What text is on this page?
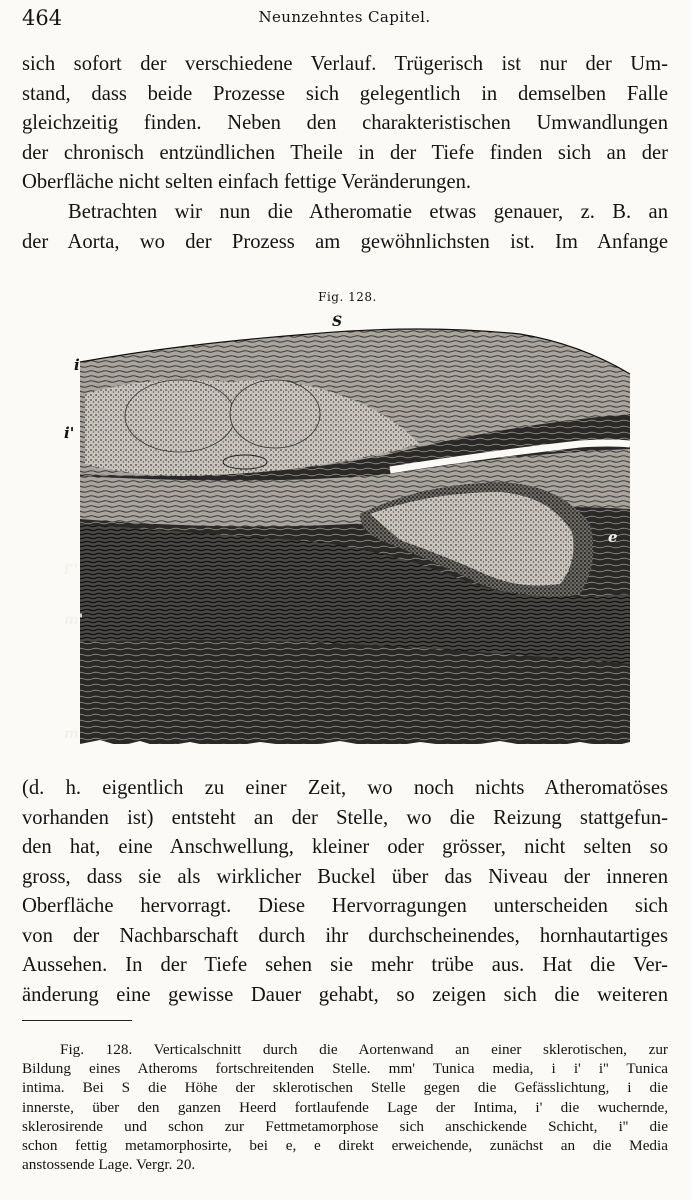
464	Neunzehntes Capitel.

sich sofort der verschiedene Verlauf. Trügerisch ist nur der Um-
stand, dass beide Prozesse sich gelegentlich in demselben Falle
gleichzeitig finden. Neben den charakteristischen Umwandlungen
der chronisch entzündlichen Theile in der Tiefe finden sich an der
Oberfläche nicht selten einfach fettige Veränderungen.

Betrachten wir nun die Atheromatie etwas genauer, z. B. an
der Aorta, wo der Prozess am gewöhnlichsten ist. Im Anfange

Fig. 128.
S
i
i'
e
i''
m'
m

(d. h. eigentlich zu einer Zeit, wo noch nichts Atheromatöses
vorhanden ist) entsteht an der Stelle, wo die Reizung stattgefun-
den hat, eine Anschwellung, kleiner oder grösser, nicht selten so
gross, dass sie als wirklicher Buckel über das Niveau der inneren
Oberfläche hervorragt. Diese Hervorragungen unterscheiden sich
von der Nachbarschaft durch ihr durchscheinendes, hornhautartiges
Aussehen. In der Tiefe sehen sie mehr trübe aus. Hat die Ver-
änderung eine gewisse Dauer gehabt, so zeigen sich die weiteren

Fig. 128. Verticalschnitt durch die Aortenwand an einer sklerotischen, zur
Bildung eines Atheroms fortschreitenden Stelle. mm' Tunica media, i i' i'' Tunica
intima. Bei S die Höhe der sklerotischen Stelle gegen die Gefässlichtung, i die
innerste, über den ganzen Heerd fortlaufende Lage der Intima, i' die wuchernde,
sklerosirende und schon zur Fettmetamorphose sich anschickende Schicht, i'' die
schon fettig metamorphosirte, bei e, e direkt erweichende, zunächst an die Media
anstossende Lage. Vergr. 20.
